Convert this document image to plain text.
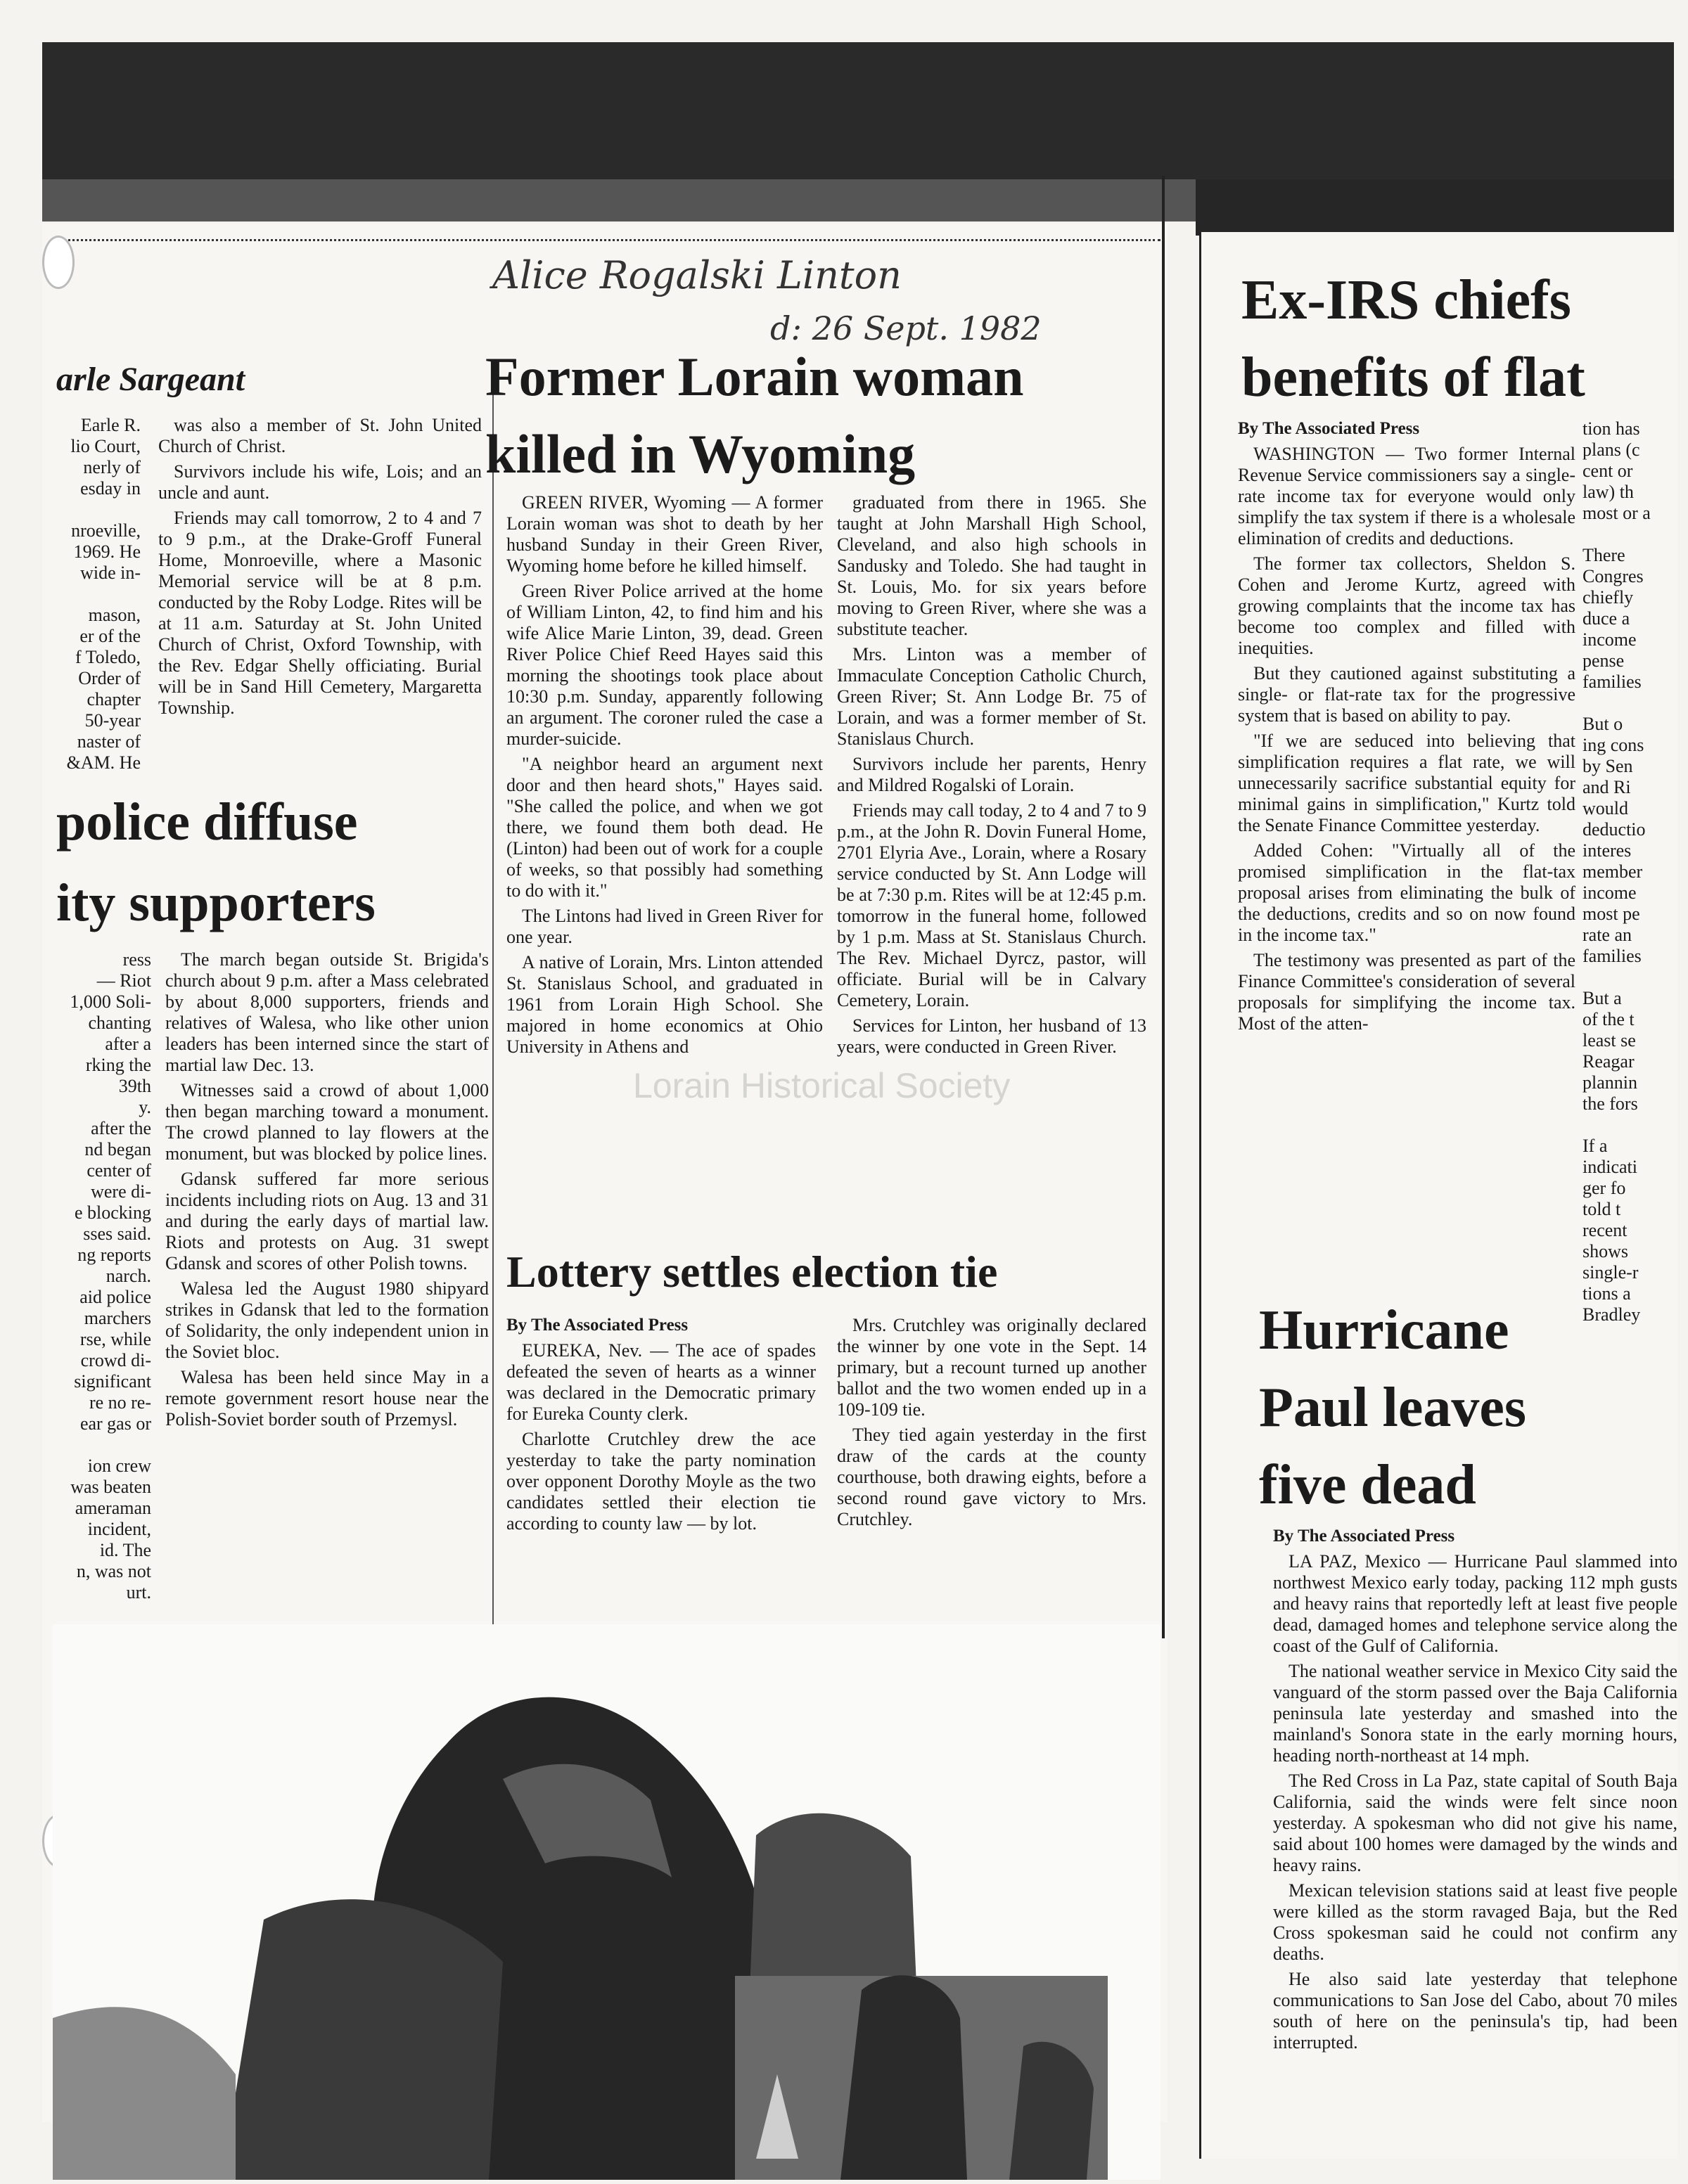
Alice Rogalski Linton
d: 26 Sept. 1982
arle Sargeant
Earle R.
lio Court,
nerly of
esday in
nroeville,
1969. He
wide in-
mason,
er of the
f Toledo,
Order of
chapter
50-year
naster of
&AM. He

was also a member of St. John United Church of Christ.

Survivors include his wife, Lois; and an uncle and aunt.

Friends may call tomorrow, 2 to 4 and 7 to 9 p.m., at the Drake-Groff Funeral Home, Monroeville, where a Masonic Memorial service will be at 8 p.m. conducted by the Roby Lodge. Rites will be at 11 a.m. Saturday at St. John United Church of Christ, Oxford Township, with the Rev. Edgar Shelly officiating. Burial will be in Sand Hill Cemetery, Margaretta Township.

police diffuse
ity supporters
ress
— Riot
1,000 Soli-
chanting
after a
rking the
39th
y.
after the
nd began
center of
were di-
e blocking
sses said.
ng reports
narch.
aid police
marchers
rse, while
crowd di-
significant
re no re-
ear gas or
ion crew
was beaten
ameraman
incident,
id. The
n, was not
urt.

The march began outside St. Brigida's church about 9 p.m. after a Mass celebrated by about 8,000 supporters, friends and relatives of Walesa, who like other union leaders has been interned since the start of martial law Dec. 13.

Witnesses said a crowd of about 1,000 then began marching toward a monument. The crowd planned to lay flowers at the monument, but was blocked by police lines.

Gdansk suffered far more serious incidents including riots on Aug. 13 and 31 and during the early days of martial law. Riots and protests on Aug. 31 swept Gdansk and scores of other Polish towns.

Walesa led the August 1980 shipyard strikes in Gdansk that led to the formation of Solidarity, the only independent union in the Soviet bloc.

Walesa has been held since May in a remote government resort house near the Polish-Soviet border south of Przemysl.

Former Lorain woman
killed in Wyoming

GREEN RIVER, Wyoming — A former Lorain woman was shot to death by her husband Sunday in their Green River, Wyoming home before he killed himself.

Green River Police arrived at the home of William Linton, 42, to find him and his wife Alice Marie Linton, 39, dead. Green River Police Chief Reed Hayes said this morning the shootings took place about 10:30 p.m. Sunday, apparently following an argument. The coroner ruled the case a murder-suicide.

"A neighbor heard an argument next door and then heard shots," Hayes said. "She called the police, and when we got there, we found them both dead. He (Linton) had been out of work for a couple of weeks, so that possibly had something to do with it."

The Lintons had lived in Green River for one year.

A native of Lorain, Mrs. Linton attended St. Stanislaus School, and graduated in 1961 from Lorain High School. She majored in home economics at Ohio University in Athens and

graduated from there in 1965. She taught at John Marshall High School, Cleveland, and also high schools in Sandusky and Toledo. She had taught in St. Louis, Mo. for six years before moving to Green River, where she was a substitute teacher.

Mrs. Linton was a member of Immaculate Conception Catholic Church, Green River; St. Ann Lodge Br. 75 of Lorain, and was a former member of St. Stanislaus Church.

Survivors include her parents, Henry and Mildred Rogalski of Lorain.

Friends may call today, 2 to 4 and 7 to 9 p.m., at the John R. Dovin Funeral Home, 2701 Elyria Ave., Lorain, where a Rosary service conducted by St. Ann Lodge will be at 7:30 p.m. Rites will be at 12:45 p.m. tomorrow in the funeral home, followed by 1 p.m. Mass at St. Stanislaus Church. The Rev. Michael Dyrcz, pastor, will officiate. Burial will be in Calvary Cemetery, Lorain.

Services for Linton, her husband of 13 years, were conducted in Green River.

Lottery settles election tie

By The Associated Press

EUREKA, Nev. — The ace of spades defeated the seven of hearts as a winner was declared in the Democratic primary for Eureka County clerk.

Charlotte Crutchley drew the ace yesterday to take the party nomination over opponent Dorothy Moyle as the two candidates settled their election tie according to county law — by lot.

Mrs. Crutchley was originally declared the winner by one vote in the Sept. 14 primary, but a recount turned up another ballot and the two women ended up in a 109-109 tie.

They tied again yesterday in the first draw of the cards at the county courthouse, both drawing eights, before a second round gave victory to Mrs. Crutchley.

Ex-IRS chiefs
benefits of flat

By The Associated Press

WASHINGTON — Two former Internal Revenue Service commissioners say a single-rate income tax for everyone would only simplify the tax system if there is a wholesale elimination of credits and deductions.

The former tax collectors, Sheldon S. Cohen and Jerome Kurtz, agreed with growing complaints that the income tax has become too complex and filled with inequities.

But they cautioned against substituting a single- or flat-rate tax for the progressive system that is based on ability to pay.

"If we are seduced into believing that simplification requires a flat rate, we will unnecessarily sacrifice substantial equity for minimal gains in simplification," Kurtz told the Senate Finance Committee yesterday.

Added Cohen: "Virtually all of the promised simplification in the flat-tax proposal arises from eliminating the bulk of the deductions, credits and so on now found in the income tax."

The testimony was presented as part of the Finance Committee's consideration of several proposals for simplifying the income tax. Most of the atten-

tion has
plans (c
cent or
law) th
most or a
There
Congres
chiefly
duce a
income
pense
families
But o
ing cons
by Sen
and Ri
would
deductio
interes
member
income
most pe
rate an
families
But a
of the t
least se
Reagar
plannin
the fors
If a
indicati
ger fo
told t
recent
shows
single-r
tions a
Bradley
Hurricane
Paul leaves
five dead

By The Associated Press

LA PAZ, Mexico — Hurricane Paul slammed into northwest Mexico early today, packing 112 mph gusts and heavy rains that reportedly left at least five people dead, damaged homes and telephone service along the coast of the Gulf of California.

The national weather service in Mexico City said the vanguard of the storm passed over the Baja California peninsula late yesterday and smashed into the mainland's Sonora state in the early morning hours, heading north-northeast at 14 mph.

The Red Cross in La Paz, state capital of South Baja California, said the winds were felt since noon yesterday. A spokesman who did not give his name, said about 100 homes were damaged by the winds and heavy rains.

Mexican television stations said at least five people were killed as the storm ravaged Baja, but the Red Cross spokesman said he could not confirm any deaths.

He also said late yesterday that telephone communications to San Jose del Cabo, about 70 miles south of here on the peninsula's tip, had been interrupted.

Lorain Historical Society
